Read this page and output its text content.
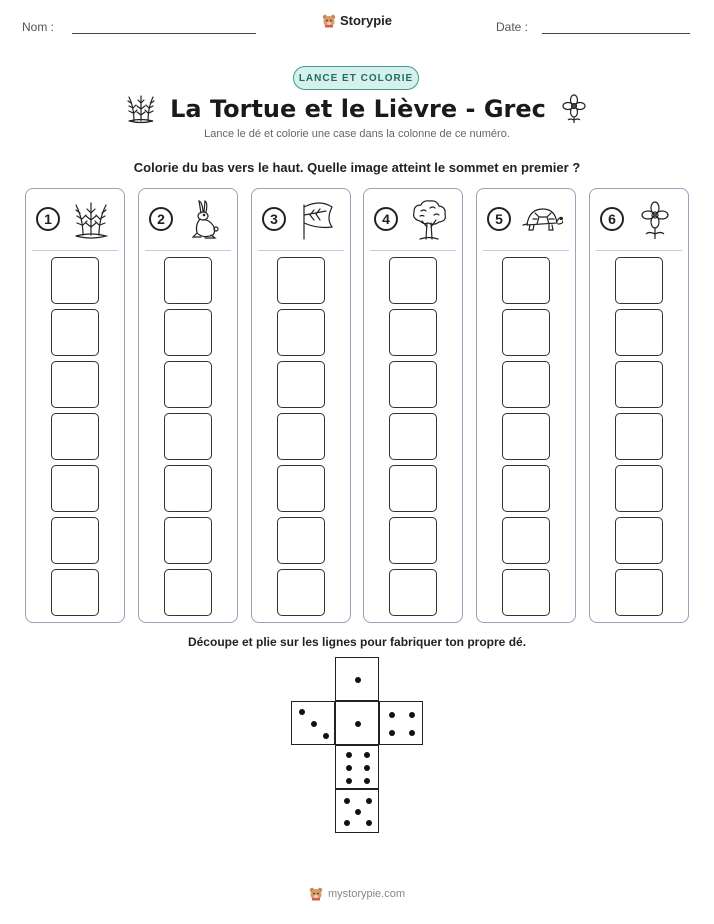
Nom :	Storypie	Date :
LANCE ET COLORIE
La Tortue et le Lièvre - Grec
Lance le dé et colorie une case dans la colonne de ce numéro.
Colorie du bas vers le haut. Quelle image atteint le sommet en premier ?
1	2	3	4	5	6
Découpe et plie sur les lignes pour fabriquer ton propre dé.
mystorypie.com
